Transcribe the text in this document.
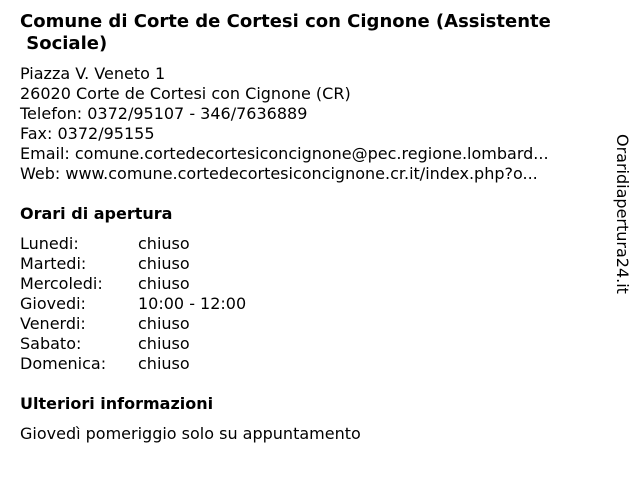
Comune di Corte de Cortesi con Cignone (Assistente
Sociale)
Piazza V. Veneto 1
26020 Corte de Cortesi con Cignone (CR)
Telefon: 0372/95107 - 346/7636889
Fax: 0372/95155
Email: comune.cortedecortesiconcignone@pec.regione.lombard...
Web: www.comune.cortedecortesiconcignone.cr.it/index.php?o...
Orari di apertura
Lunedi:	chiuso
Martedi:	chiuso
Mercoledi:	chiuso
Giovedi:	10:00 - 12:00
Venerdi:	chiuso
Sabato:	chiuso
Domenica:	chiuso
Ulteriori informazioni
Giovedì pomeriggio solo su appuntamento
Oraridiapertura24.it
